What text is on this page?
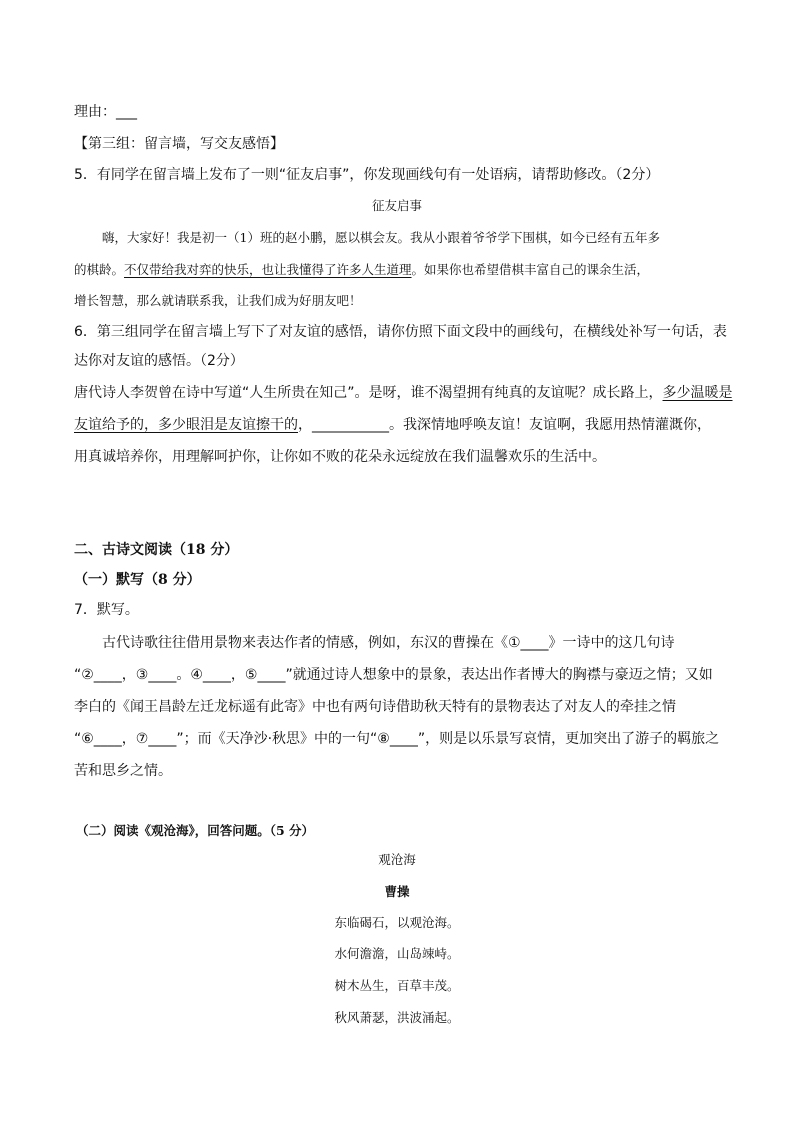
理由：___
【第三组：留言墙，写交友感悟】
5．有同学在留言墙上发布了一则“征友启事”，你发现画线句有一处语病，请帮助修改。（2分）
征友启事
嗨，大家好！我是初一（1）班的赵小鹏，愿以棋会友。我从小跟着爷爷学下围棋，如今已经有五年多
的棋龄。不仅带给我对弈的快乐，也让我懂得了许多人生道理。如果你也希望借棋丰富自己的课余生活，
增长智慧，那么就请联系我，让我们成为好朋友吧！
6．第三组同学在留言墙上写下了对友谊的感悟，请你仿照下面文段中的画线句，在横线处补写一句话，表
达你对友谊的感悟。（2分）
唐代诗人李贺曾在诗中写道“人生所贵在知己”。是呀，谁不渴望拥有纯真的友谊呢？成长路上，多少温暖是
友谊给予的，多少眼泪是友谊擦干的，___________。我深情地呼唤友谊！友谊啊，我愿用热情灌溉你，
用真诚培养你，用理解呵护你，让你如不败的花朵永远绽放在我们温馨欢乐的生活中。
二、古诗文阅读（18 分）
（一）默写（8 分）
7．默写。
古代诗歌往往借用景物来表达作者的情感，例如，东汉的曹操在《①____》一诗中的这几句诗
“②____，③____。④____，⑤____”就通过诗人想象中的景象，表达出作者博大的胸襟与豪迈之情；又如
李白的《闻王昌龄左迁龙标遥有此寄》中也有两句诗借助秋天特有的景物表达了对友人的牵挂之情
“⑥____，⑦____”；而《天净沙·秋思》中的一句“⑧____”，则是以乐景写哀情，更加突出了游子的羁旅之
苦和思乡之情。
（二）阅读《观沧海》，回答问题。（5 分）
观沧海
曹操
东临碣石，以观沧海。
水何澹澹，山岛竦峙。
树木丛生，百草丰茂。
秋风萧瑟，洪波涌起。
